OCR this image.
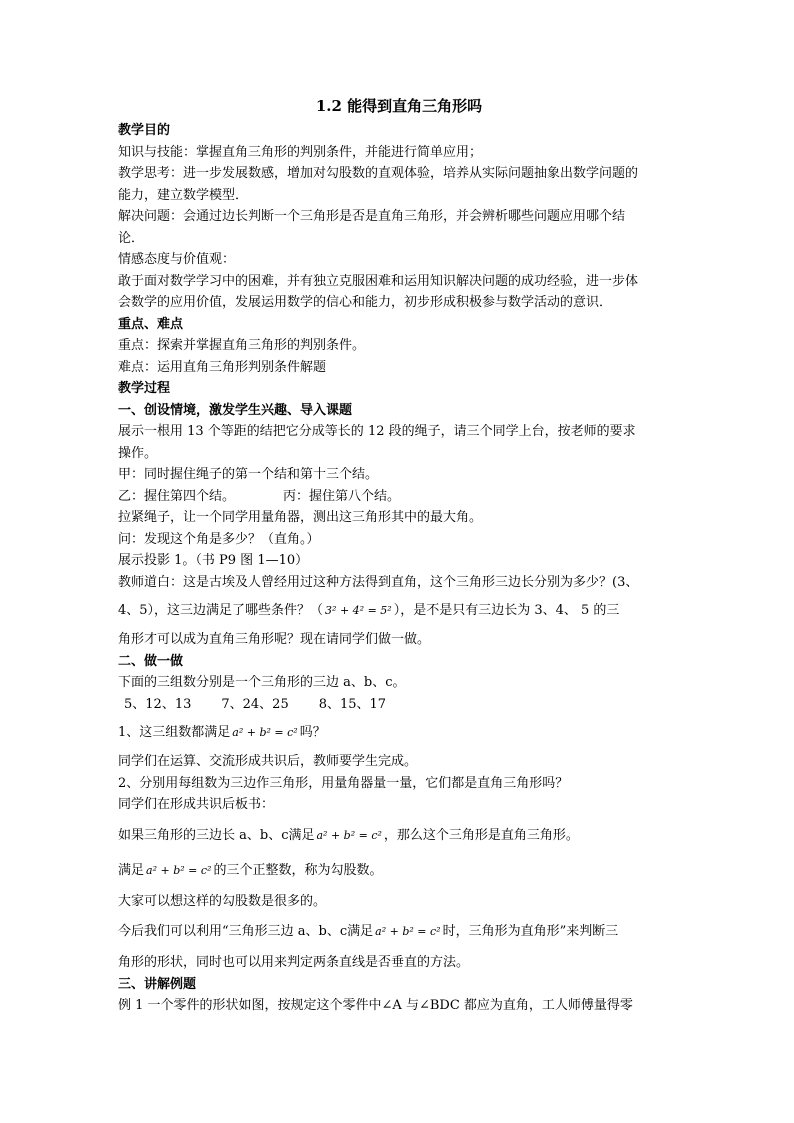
1.2 能得到直角三角形吗
教学目的
知识与技能：掌握直角三角形的判别条件，并能进行简单应用；
教学思考：进一步发展数感，增加对勾股数的直观体验，培养从实际问题抽象出数学问题的
能力，建立数学模型．
解决问题：会通过边长判断一个三角形是否是直角三角形，并会辨析哪些问题应用哪个结
论．
情感态度与价值观：
敢于面对数学学习中的困难，并有独立克服困难和运用知识解决问题的成功经验，进一步体
会数学的应用价值，发展运用数学的信心和能力，初步形成积极参与数学活动的意识．
重点、难点
重点：探索并掌握直角三角形的判别条件。
难点：运用直角三角形判别条件解题
教学过程
一、创设情境，激发学生兴趣、导入课题
展示一根用 13 个等距的结把它分成等长的 12 段的绳子，请三个同学上台，按老师的要求
操作。
甲：同时握住绳子的第一个结和第十三个结。
乙：握住第四个结。	丙：握住第八个结。
拉紧绳子，让一个同学用量角器，测出这三角形其中的最大角。
问：发现这个角是多少？（直角。）
展示投影 1。（书 P9 图 1—10）
教师道白：这是古埃及人曾经用过这种方法得到直角，这个三角形三边长分别为多少？(3、
4、5），这三边满足了哪些条件？（ 3² + 4² = 5² ），是不是只有三边长为 3、4、 5 的三
角形才可以成为直角三角形呢？现在请同学们做一做。
二、做一做
下面的三组数分别是一个三角形的三边 a、b、c。
5、12、13 7、24、25 8、15、17
1、这三组数都满足 a² + b² = c² 吗？
同学们在运算、交流形成共识后，教师要学生完成。
2、分别用每组数为三边作三角形，用量角器量一量，它们都是直角三角形吗？
同学们在形成共识后板书：
如果三角形的三边长 a、b、c满足 a² + b² = c² ，那么这个三角形是直角三角形。
满足 a² + b² = c² 的三个正整数，称为勾股数。
大家可以想这样的勾股数是很多的。
今后我们可以利用“三角形三边 a、b、c满足 a² + b² = c² 时，三角形为直角形”来判断三
角形的形状，同时也可以用来判定两条直线是否垂直的方法。
三、讲解例题
例 1 一个零件的形状如图，按规定这个零件中∠A 与∠BDC 都应为直角，工人师傅量得零
